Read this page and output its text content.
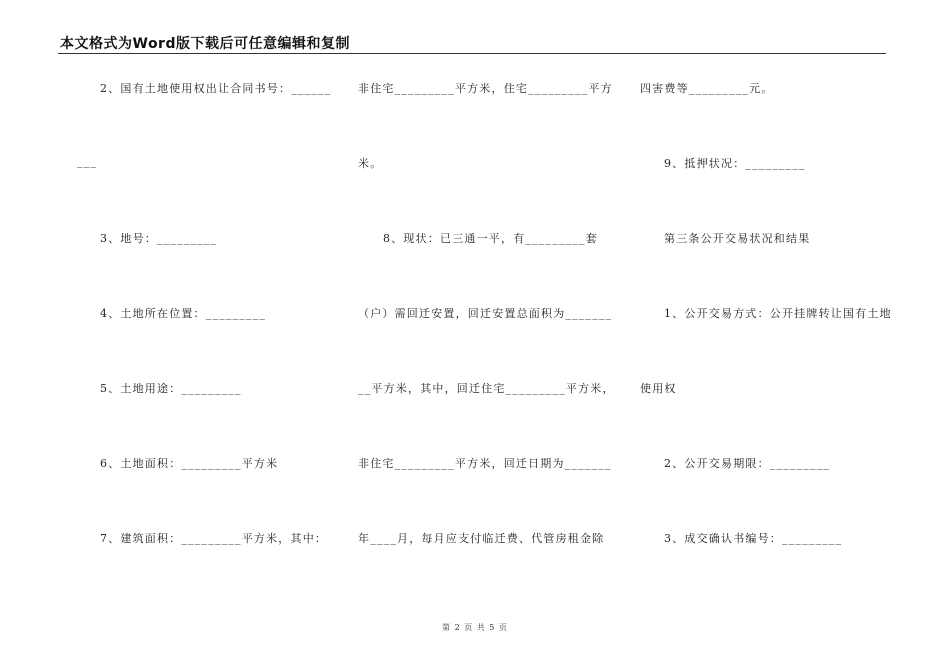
本文格式为Word版下载后可任意编辑和复制
2、国有土地使用权出让合同书号：______
___
3、地号：_________
4、土地所在位置：_________
5、土地用途：_________
6、土地面积：_________平方米
7、建筑面积：_________平方米，其中：
非住宅_________平方米，住宅_________平方
米。
8、现状：已三通一平，有_________套
（户）需回迁安置，回迁安置总面积为_______
__平方米，其中，回迁住宅_________平方米，
非住宅_________平方米，回迁日期为_______
年____月，每月应支付临迁费、代管房租金除
四害费等_________元。
9、抵押状况：_________
第三条公开交易状况和结果
1、公开交易方式：公开挂牌转让国有土地
使用权
2、公开交易期限：_________
3、成交确认书编号：_________
第 2 页 共 5 页
